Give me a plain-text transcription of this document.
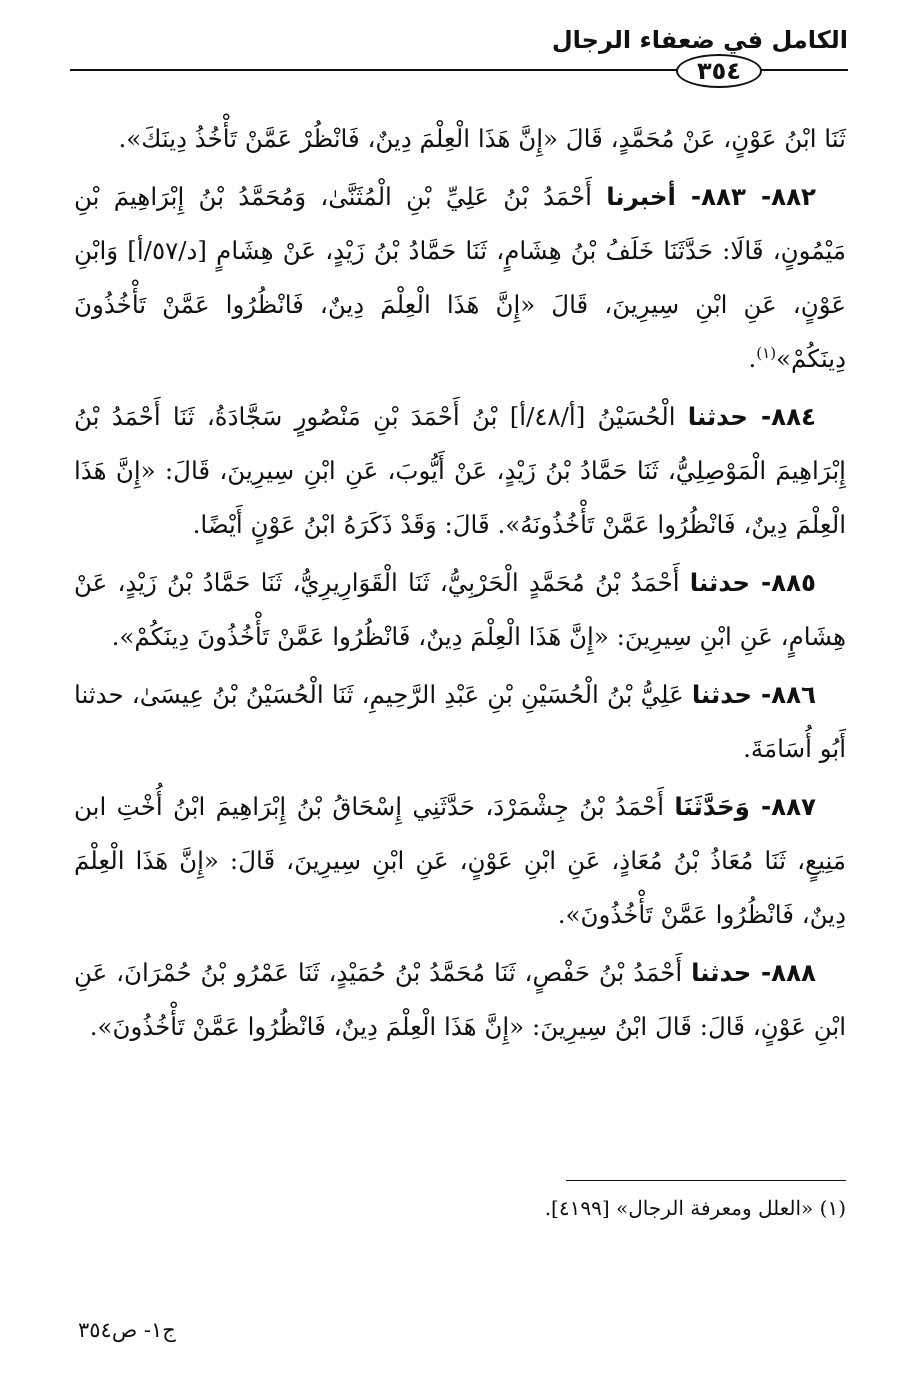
الكامل في ضعفاء الرجال
٣٥٤

ثَنَا ابْنُ عَوْنٍ، عَنْ مُحَمَّدٍ، قَالَ «إِنَّ هَذَا الْعِلْمَ دِينٌ، فَانْظُرْ عَمَّنْ تَأْخُذُ دِينَكَ».

٨٨٢- ٨٨٣- أخبرنا أَحْمَدُ بْنُ عَلِيِّ بْنِ الْمُثَنَّىٰ، وَمُحَمَّدُ بْنُ إِبْرَاهِيمَ بْنِ مَيْمُونٍ، قَالَا: حَدَّثَنَا خَلَفُ بْنُ هِشَامٍ، ثَنَا حَمَّادُ بْنُ زَيْدٍ، عَنْ هِشَامٍ [د/٥٧/أ] وَابْنِ عَوْنٍ، عَنِ ابْنِ سِيرِينَ، قَالَ «إِنَّ هَذَا الْعِلْمَ دِينٌ، فَانْظُرُوا عَمَّنْ تَأْخُذُونَ دِينَكُمْ»$^{(١)}$.

٨٨٤- حدثنا الْحُسَيْنُ [أ/٤٨/أ] بْنُ أَحْمَدَ بْنِ مَنْصُورٍ سَجَّادَةُ، ثَنَا أَحْمَدُ بْنُ إِبْرَاهِيمَ الْمَوْصِلِيُّ، ثَنَا حَمَّادُ بْنُ زَيْدٍ، عَنْ أَيُّوبَ، عَنِ ابْنِ سِيرِينَ، قَالَ: «إِنَّ هَذَا الْعِلْمَ دِينٌ، فَانْظُرُوا عَمَّنْ تَأْخُذُونَهُ». قَالَ: وَقَدْ ذَكَرَهُ ابْنُ عَوْنٍ أَيْضًا.

٨٨٥- حدثنا أَحْمَدُ بْنُ مُحَمَّدٍ الْحَرْبِيُّ، ثَنَا الْقَوَارِيرِيُّ، ثَنَا حَمَّادُ بْنُ زَيْدٍ، عَنْ هِشَامٍ، عَنِ ابْنِ سِيرِينَ: «إِنَّ هَذَا الْعِلْمَ دِينٌ، فَانْظُرُوا عَمَّنْ تَأْخُذُونَ دِينَكُمْ».

٨٨٦- حدثنا عَلِيُّ بْنُ الْحُسَيْنِ بْنِ عَبْدِ الرَّحِيمِ، ثَنَا الْحُسَيْنُ بْنُ عِيسَىٰ، حدثنا أَبُو أُسَامَةَ.

٨٨٧- وَحَدَّثَنَا أَحْمَدُ بْنُ جِشْمَرْدَ، حَدَّثَنِي إِسْحَاقُ بْنُ إِبْرَاهِيمَ ابْنُ أُخْتِ ابن مَنِيعٍ، ثَنَا مُعَاذُ بْنُ مُعَاذٍ، عَنِ ابْنِ عَوْنٍ، عَنِ ابْنِ سِيرِينَ، قَالَ: «إِنَّ هَذَا الْعِلْمَ دِينٌ، فَانْظُرُوا عَمَّنْ تَأْخُذُونَ».

٨٨٨- حدثنا أَحْمَدُ بْنُ حَفْصٍ، ثَنَا مُحَمَّدُ بْنُ حُمَيْدٍ، ثَنَا عَمْرُو بْنُ حُمْرَانَ، عَنِ ابْنِ عَوْنٍ، قَالَ: قَالَ ابْنُ سِيرِينَ: «إِنَّ هَذَا الْعِلْمَ دِينٌ، فَانْظُرُوا عَمَّنْ تَأْخُذُونَ».

(١) «العلل ومعرفة الرجال» [٤١٩٩].
ج١- ص٣٥٤
